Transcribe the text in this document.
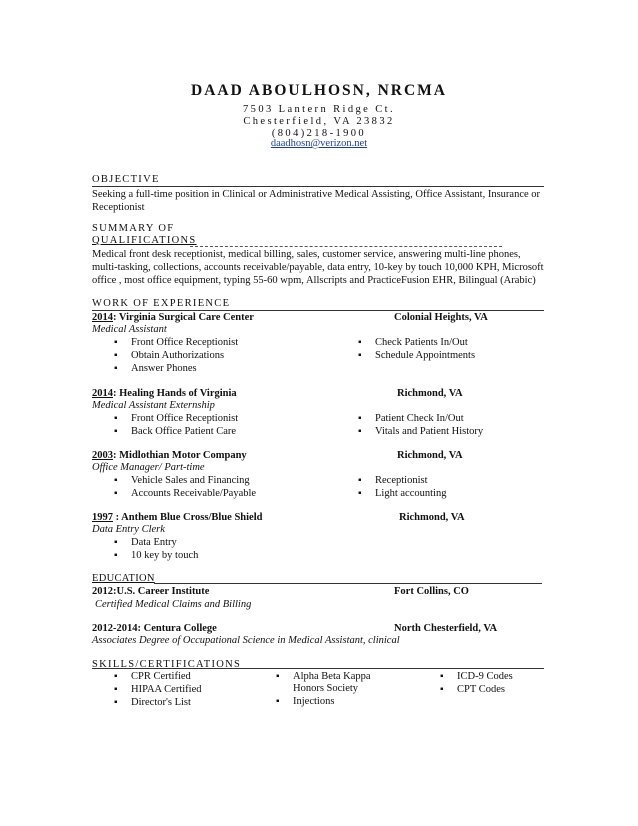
DAAD ABOULHOSN, NRCMA
7503 Lantern Ridge Ct.
Chesterfield, VA 23832
(804)218-1900
daadhosn@verizon.net
OBJECTIVE
Seeking a full-time position in Clinical or Administrative Medical Assisting, Office Assistant, Insurance or Receptionist
SUMMARY OF
QUALIFICATIONS
Medical front desk receptionist, medical billing, sales, customer service, answering multi-line phones, multi-tasking, collections, accounts receivable/payable, data entry, 10-key by touch 10,000 KPH, Microsoft office , most office equipment, typing 55-60 wpm, Allscripts and PracticeFusion EHR, Bilingual (Arabic)
WORK OF EXPERIENCE
2014: Virginia Surgical Care Center	Colonial Heights, VA
Medical Assistant
▪ Front Office Receptionist
▪ Obtain Authorizations
▪ Answer Phones
▪ Check Patients In/Out
▪ Schedule Appointments
2014: Healing Hands of Virginia	Richmond, VA
Medical Assistant Externship
▪ Front Office Receptionist
▪ Back Office Patient Care
▪ Patient Check In/Out
▪ Vitals and Patient History
2003: Midlothian Motor Company	Richmond, VA
Office Manager/ Part-time
▪ Vehicle Sales and Financing
▪ Accounts Receivable/Payable
▪ Receptionist
▪ Light accounting
1997 : Anthem Blue Cross/Blue Shield	Richmond, VA
Data Entry Clerk
▪ Data Entry
▪ 10 key by touch
EDUCATION
2012:U.S. Career Institute	Fort Collins, CO
Certified Medical Claims and Billing
2012-2014: Centura College	North Chesterfield, VA
Associates Degree of Occupational Science in Medical Assistant, clinical
SKILLS/CERTIFICATIONS
▪ CPR Certified
▪ HIPAA Certified
▪ Director's List
▪ Alpha Beta Kappa
Honors Society
▪ Injections
▪ ICD-9 Codes
▪ CPT Codes
